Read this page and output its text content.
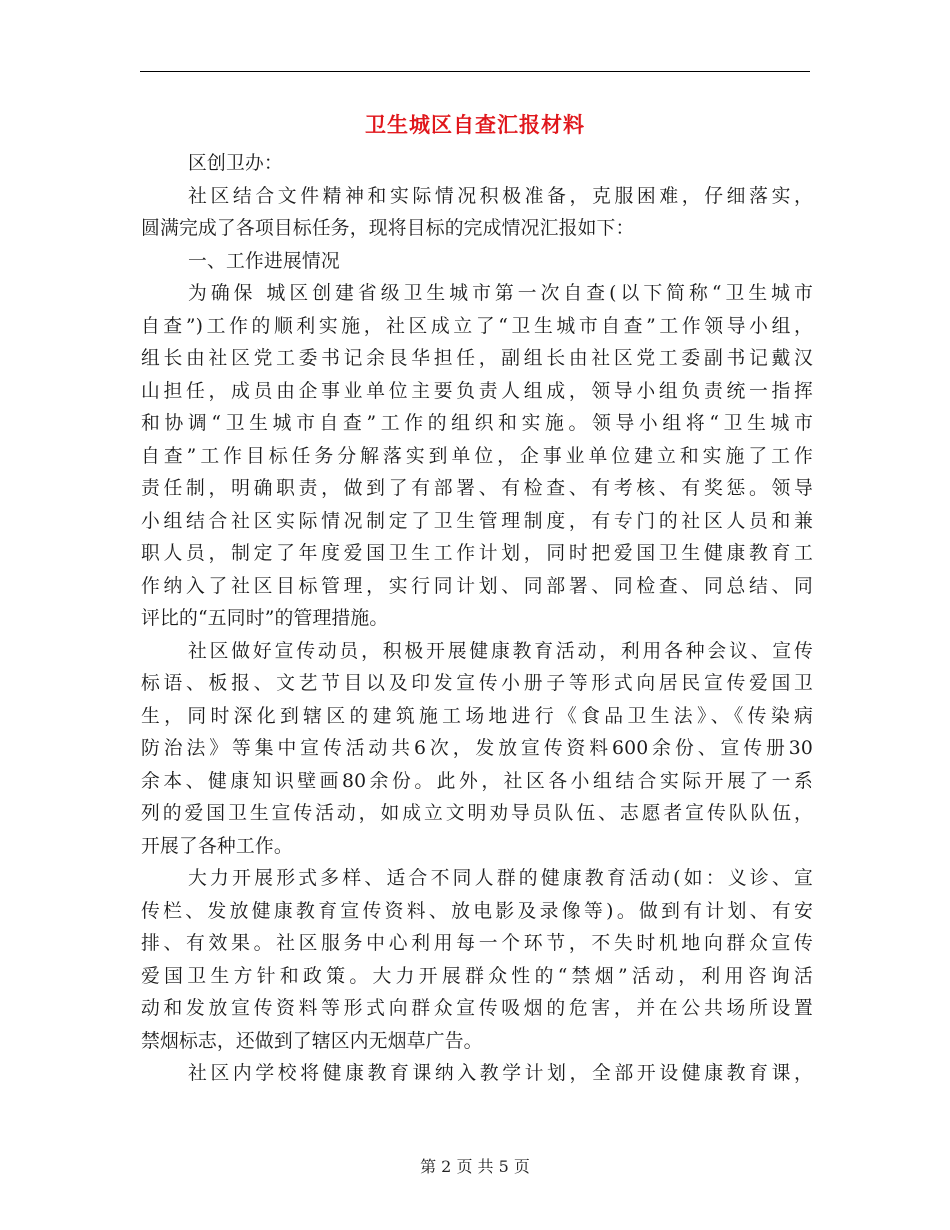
卫生城区自查汇报材料
区创卫办：
社区结合文件精神和实际情况积极准备，克服困难，仔细落实，
圆满完成了各项目标任务，现将目标的完成情况汇报如下：
一、工作进展情况
为确保 城区创建省级卫生城市第一次自查(以下简称“卫生城市
自查”)工作的顺利实施，社区成立了“卫生城市自查”工作领导小组，
组长由社区党工委书记余艮华担任，副组长由社区党工委副书记戴汉
山担任，成员由企事业单位主要负责人组成，领导小组负责统一指挥
和协调“卫生城市自查”工作的组织和实施。领导小组将“卫生城市
自查”工作目标任务分解落实到单位，企事业单位建立和实施了工作
责任制，明确职责，做到了有部署、有检查、有考核、有奖惩。领导
小组结合社区实际情况制定了卫生管理制度，有专门的社区人员和兼
职人员，制定了年度爱国卫生工作计划，同时把爱国卫生健康教育工
作纳入了社区目标管理，实行同计划、同部署、同检查、同总结、同
评比的“五同时”的管理措施。
社区做好宣传动员，积极开展健康教育活动，利用各种会议、宣传
标语、板报、文艺节目以及印发宣传小册子等形式向居民宣传爱国卫
生，同时深化到辖区的建筑施工场地进行《食品卫生法》、《传染病
防治法》等集中宣传活动共6次，发放宣传资料600余份、宣传册30
余本、健康知识壁画80余份。此外，社区各小组结合实际开展了一系
列的爱国卫生宣传活动，如成立文明劝导员队伍、志愿者宣传队队伍，
开展了各种工作。
大力开展形式多样、适合不同人群的健康教育活动(如：义诊、宣
传栏、发放健康教育宣传资料、放电影及录像等)。做到有计划、有安
排、有效果。社区服务中心利用每一个环节，不失时机地向群众宣传
爱国卫生方针和政策。大力开展群众性的“禁烟”活动，利用咨询活
动和发放宣传资料等形式向群众宣传吸烟的危害，并在公共场所设置
禁烟标志，还做到了辖区内无烟草广告。
社区内学校将健康教育课纳入教学计划，全部开设健康教育课，
第 2 页 共 5 页
